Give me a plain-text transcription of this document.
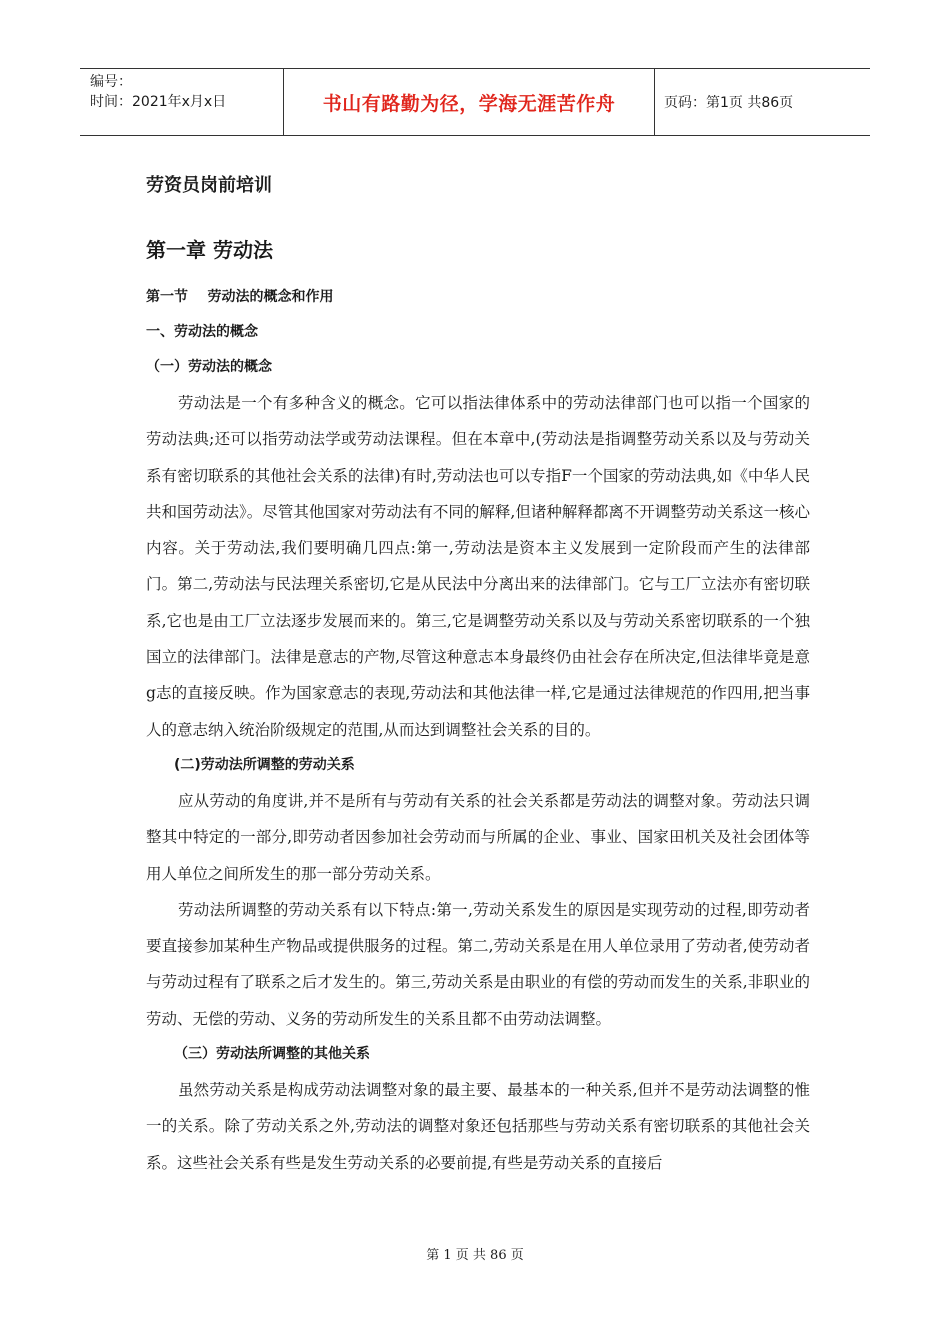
编号：
时间：2021年x月x日	书山有路勤为径，学海无涯苦作舟	页码：第1页 共86页
劳资员岗前培训
第一章 劳动法
第一节    劳动法的概念和作用
一、劳动法的概念
（一）劳动法的概念

劳动法是一个有多种含义的概念。它可以指法律体系中的劳动法律部门也可以指一个国家的劳动法典;还可以指劳动法学或劳动法课程。但在本章中,(劳动法是指调整劳动关系以及与劳动关系有密切联系的其他社会关系的法律)有时,劳动法也可以专指F一个国家的劳动法典,如《中华人民共和国劳动法》。尽管其他国家对劳动法有不同的解释,但诸种解释都离不开调整劳动关系这一核心内容。关于劳动法,我们要明确几四点:第一,劳动法是资本主义发展到一定阶段而产生的法律部门。第二,劳动法与民法理关系密切,它是从民法中分离出来的法律部门。它与工厂立法亦有密切联系,它也是由工厂立法逐步发展而来的。第三,它是调整劳动关系以及与劳动关系密切联系的一个独国立的法律部门。法律是意志的产物,尽管这种意志本身最终仍由社会存在所决定,但法律毕竟是意g志的直接反映。作为国家意志的表现,劳动法和其他法律一样,它是通过法律规范的作四用,把当事人的意志纳入统治阶级规定的范围,从而达到调整社会关系的目的。

(二)劳动法所调整的劳动关系

应从劳动的角度讲,并不是所有与劳动有关系的社会关系都是劳动法的调整对象。劳动法只调整其中特定的一部分,即劳动者因参加社会劳动而与所属的企业、事业、国家田机关及社会团体等用人单位之间所发生的那一部分劳动关系。

劳动法所调整的劳动关系有以下特点:第一,劳动关系发生的原因是实现劳动的过程,即劳动者要直接参加某种生产物品或提供服务的过程。第二,劳动关系是在用人单位录用了劳动者,使劳动者与劳动过程有了联系之后才发生的。第三,劳动关系是由职业的有偿的劳动而发生的关系,非职业的劳动、无偿的劳动、义务的劳动所发生的关系且都不由劳动法调整。

（三）劳动法所调整的其他关系

虽然劳动关系是构成劳动法调整对象的最主要、最基本的一种关系,但并不是劳动法调整的惟一的关系。除了劳动关系之外,劳动法的调整对象还包括那些与劳动关系有密切联系的其他社会关系。这些社会关系有些是发生劳动关系的必要前提,有些是劳动关系的直接后

第 1 页 共 86 页
